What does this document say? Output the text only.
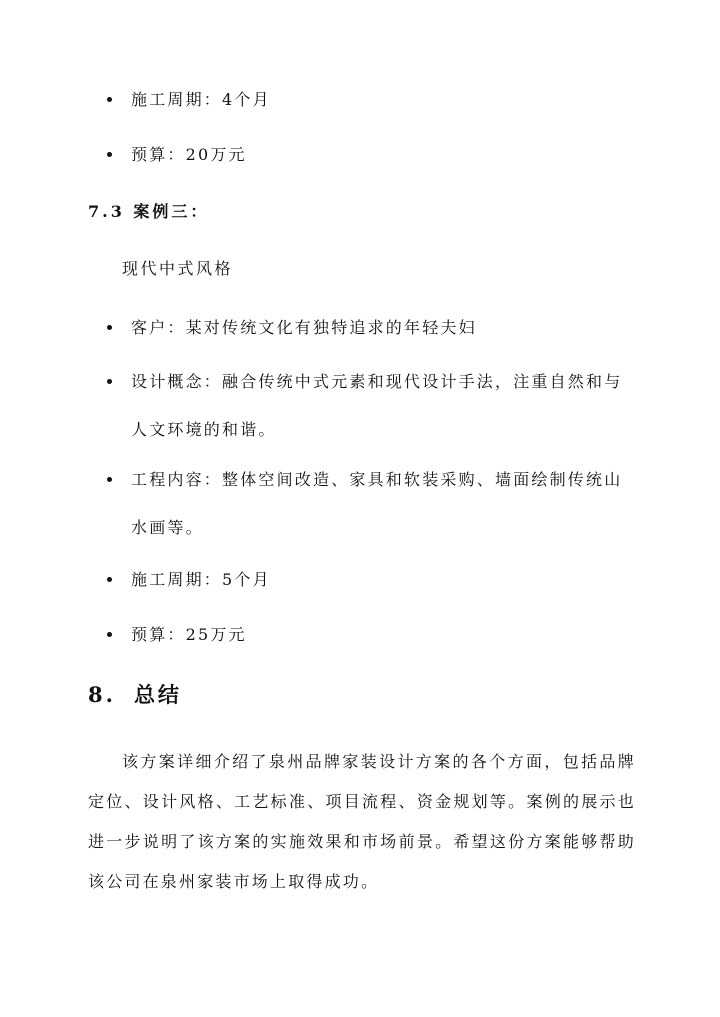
施工周期：4个月
预算：20万元
7.3 案例三：
现代中式风格
客户：某对传统文化有独特追求的年轻夫妇
设计概念：融合传统中式元素和现代设计手法，注重自然和与人文环境的和谐。
工程内容：整体空间改造、家具和软装采购、墙面绘制传统山水画等。
施工周期：5个月
预算：25万元
8. 总结

该方案详细介绍了泉州品牌家装设计方案的各个方面，包括品牌定位、设计风格、工艺标准、项目流程、资金规划等。案例的展示也进一步说明了该方案的实施效果和市场前景。希望这份方案能够帮助该公司在泉州家装市场上取得成功。
